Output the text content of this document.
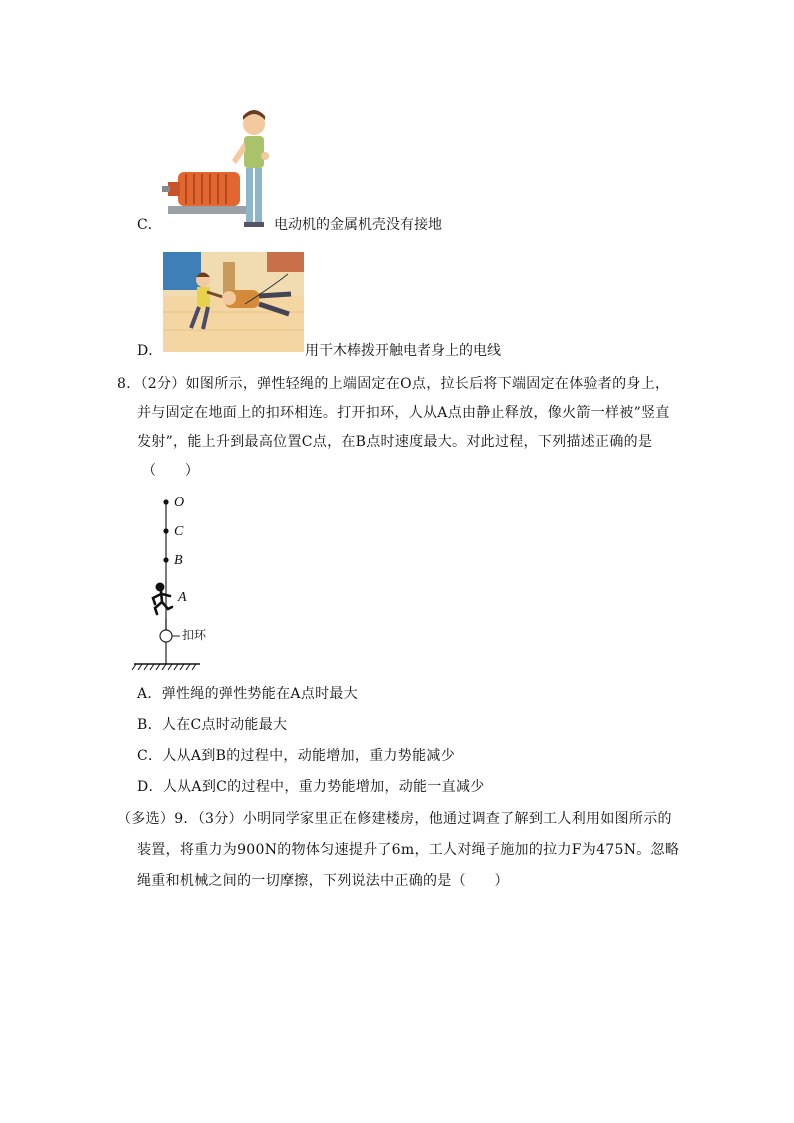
C．	电动机的金属机壳没有接地
D．	用干木棒拨开触电者身上的电线
8．（2分）如图所示，弹性轻绳的上端固定在O点，拉长后将下端固定在体验者的身上，
并与固定在地面上的扣环相连。打开扣环，人从A点由静止释放，像火箭一样被”竖直
发射”，能上升到最高位置C点，在B点时速度最大。对此过程，下列描述正确的是
（　　）
O
C
B
A
扣环
A．弹性绳的弹性势能在A点时最大
B．人在C点时动能最大
C．人从A到B的过程中，动能增加，重力势能减少
D．人从A到C的过程中，重力势能增加，动能一直减少
（多选）9．（3分）小明同学家里正在修建楼房，他通过调查了解到工人利用如图所示的
装置，将重力为900N的物体匀速提升了6m，工人对绳子施加的拉力F为475N。忽略
绳重和机械之间的一切摩擦，下列说法中正确的是（　　）
